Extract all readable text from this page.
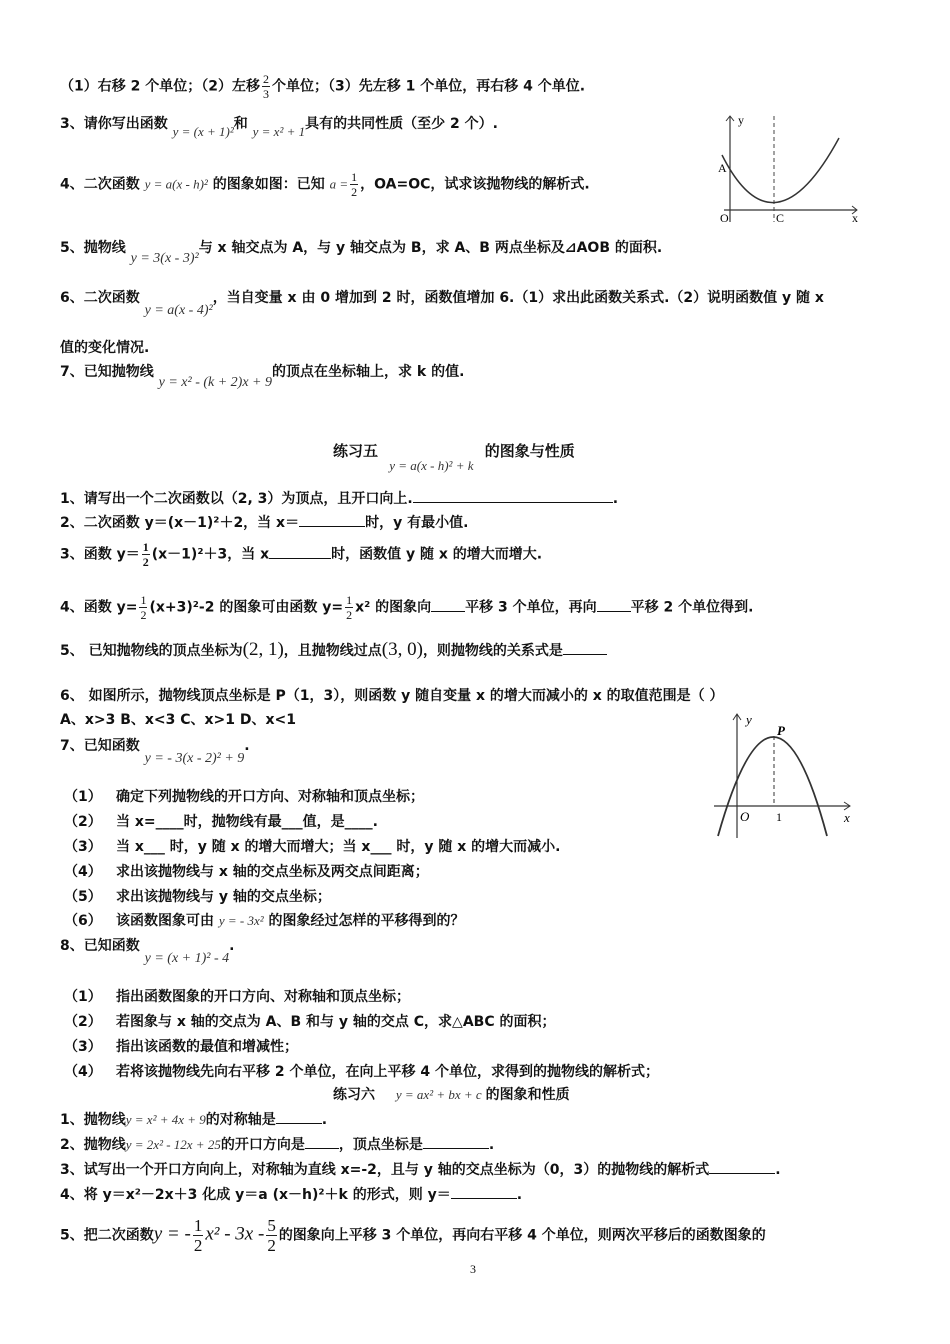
（1）右移 2 个单位；（2）左移 $\frac{2}{3}$ 个单位；（3）先左移 1 个单位，再右移 4 个单位.
3、请你写出函数 y = (x + 1)²和 y = x² + 1具有的共同性质（至少 2 个）.
4、二次函数 y = a(x - h)² 的图象如图：已知 $a = \frac{1}{2}$ ，OA=OC，试求该抛物线的解析式.
5、抛物线 y = 3(x - 3)²与 x 轴交点为 A，与 y 轴交点为 B，求 A、B 两点坐标及⊿AOB 的面积.
6、二次函数 y = a(x - 4)²，当自变量 x 由 0 增加到 2 时，函数值增加 6.（1）求出此函数关系式.（2）说明函数值 y 随 x
值的变化情况.
7、已知抛物线 y = x² - (k + 2)x + 9的顶点在坐标轴上，求 k 的值.
y
x
A
O	C
练习五 y = a(x - h)² + k 的图象与性质
1、请写出一个二次函数以（2, 3）为顶点，且开口向上.	.
2、二次函数 y＝(x－1)²＋2，当 x＝	时，y 有最小值.
3、函数 $y= \frac{1}{2} (x-1)^2+3$，当 x	时，函数值 y 随 x 的增大而增大.
4、函数 $y= \frac{1}{2} (x+3)^2-2$ 的图象可由函数 $y= \frac{1}{2} x^2$ 的图象向 平移 3 个单位，再向 平移 2 个单位得到.
5、 已知抛物线的顶点坐标为(2, 1)，且抛物线过点(3, 0)，则抛物线的关系式是
6、 如图所示，抛物线顶点坐标是 P（1，3），则函数 y 随自变量 x 的增大而减小的 x 的取值范围是（ ）
A、x>3 B、x<3 C、x>1 D、x<1
7、已知函数 y = - 3(x - 2)² + 9.
（1） 确定下列抛物线的开口方向、对称轴和顶点坐标；
（2） 当 x=____时，抛物线有最___值，是____.
（3） 当 x___ 时，y 随 x 的增大而增大；当 x___ 时，y 随 x 的增大而减小.
（4） 求出该抛物线与 x 轴的交点坐标及两交点间距离；
（5） 求出该抛物线与 y 轴的交点坐标；
（6） 该函数图象可由 y = - 3x² 的图象经过怎样的平移得到的？
8、已知函数 y = (x + 1)² - 4.
（1） 指出函数图象的开口方向、对称轴和顶点坐标；
（2） 若图象与 x 轴的交点为 A、B 和与 y 轴的交点 C，求△ABC 的面积；
（3） 指出该函数的最值和增减性；
（4） 若将该抛物线先向右平移 2 个单位，在向上平移 4 个单位，求得到的抛物线的解析式；
y
x
P
O 1
练习六 y = ax² + bx + c 的图象和性质
1、抛物线y = x² + 4x + 9的对称轴是	.
2、抛物线y = 2x² - 12x + 25的开口方向是 ，顶点坐标是	.
3、试写出一个开口方向向上，对称轴为直线 x=-2，且与 y 轴的交点坐标为（0，3）的抛物线的解析式	.
4、将 y＝x²－2x＋3 化成 y＝a (x－h)²＋k 的形式，则 y＝	.
5、把二次函数y = - $\frac{1}{2} x^2 - 3x - \frac{5}{2}$ 的图象向上平移 3 个单位，再向右平移 4 个单位，则两次平移后的函数图象的
3
